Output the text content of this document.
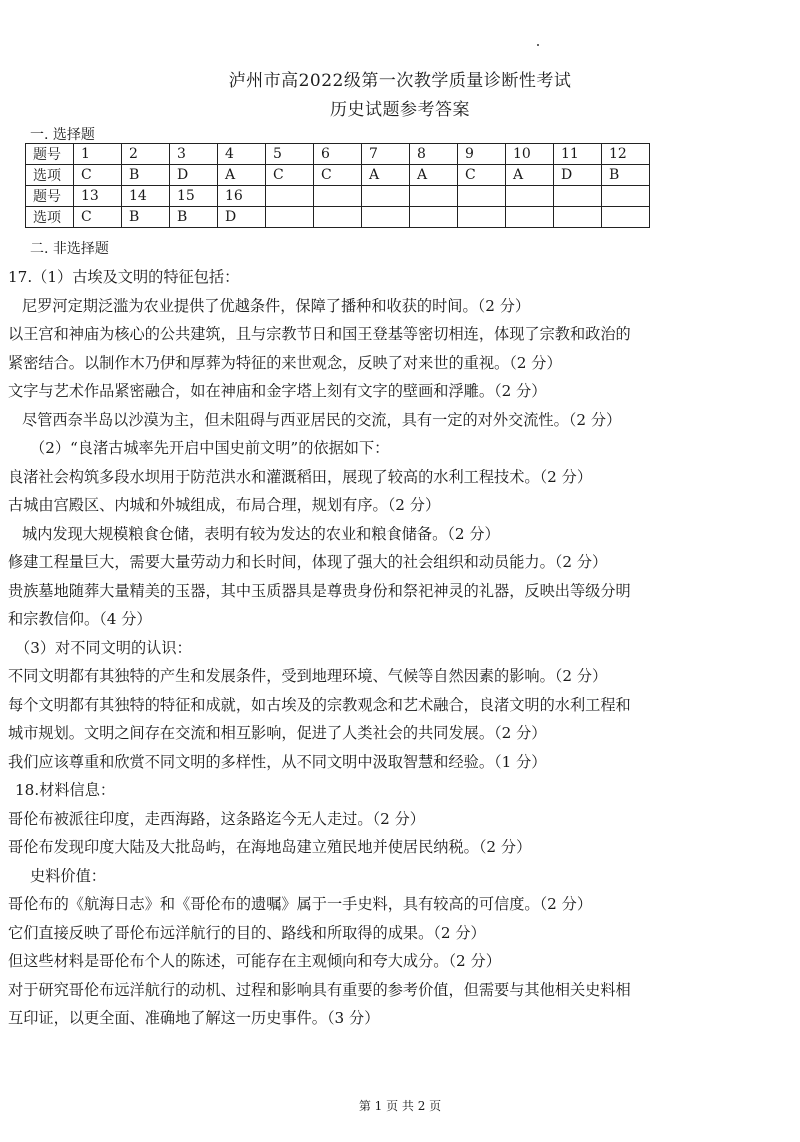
泸州市高2022级第一次教学质量诊断性考试
历史试题参考答案
一. 选择题
题号	1	2	3	4	5	6	7	8	9	10	11	12
选项	C	B	D	A	C	C	A	A	C	A	D	B
题号	13	14	15	16								
选项	C	B	B	D								
二. 非选择题
17.（1）古埃及文明的特征包括：
尼罗河定期泛滥为农业提供了优越条件，保障了播种和收获的时间。（2 分）
以王宫和神庙为核心的公共建筑，且与宗教节日和国王登基等密切相连，体现了宗教和政治的
紧密结合。以制作木乃伊和厚葬为特征的来世观念，反映了对来世的重视。（2 分）
文字与艺术作品紧密融合，如在神庙和金字塔上刻有文字的壁画和浮雕。（2 分）
尽管西奈半岛以沙漠为主，但未阻碍与西亚居民的交流，具有一定的对外交流性。（2 分）
（2）“良渚古城率先开启中国史前文明”的依据如下：
良渚社会构筑多段水坝用于防范洪水和灌溉稻田，展现了较高的水利工程技术。（2 分）
古城由宫殿区、内城和外城组成，布局合理，规划有序。（2 分）
城内发现大规模粮食仓储，表明有较为发达的农业和粮食储备。（2 分）
修建工程量巨大，需要大量劳动力和长时间，体现了强大的社会组织和动员能力。（2 分）
贵族墓地随葬大量精美的玉器，其中玉质器具是尊贵身份和祭祀神灵的礼器，反映出等级分明
和宗教信仰。（4 分）
（3）对不同文明的认识：
不同文明都有其独特的产生和发展条件，受到地理环境、气候等自然因素的影响。（2 分）
每个文明都有其独特的特征和成就，如古埃及的宗教观念和艺术融合，良渚文明的水利工程和
城市规划。文明之间存在交流和相互影响，促进了人类社会的共同发展。（2 分）
我们应该尊重和欣赏不同文明的多样性，从不同文明中汲取智慧和经验。（1 分）
18.材料信息：
哥伦布被派往印度，走西海路，这条路迄今无人走过。（2 分）
哥伦布发现印度大陆及大批岛屿，在海地岛建立殖民地并使居民纳税。（2 分）
史料价值：
哥伦布的《航海日志》和《哥伦布的遗嘱》属于一手史料，具有较高的可信度。（2 分）
它们直接反映了哥伦布远洋航行的目的、路线和所取得的成果。（2 分）
但这些材料是哥伦布个人的陈述，可能存在主观倾向和夸大成分。（2 分）
对于研究哥伦布远洋航行的动机、过程和影响具有重要的参考价值，但需要与其他相关史料相
互印证，以更全面、准确地了解这一历史事件。（3 分）
第 1 页 共 2 页
